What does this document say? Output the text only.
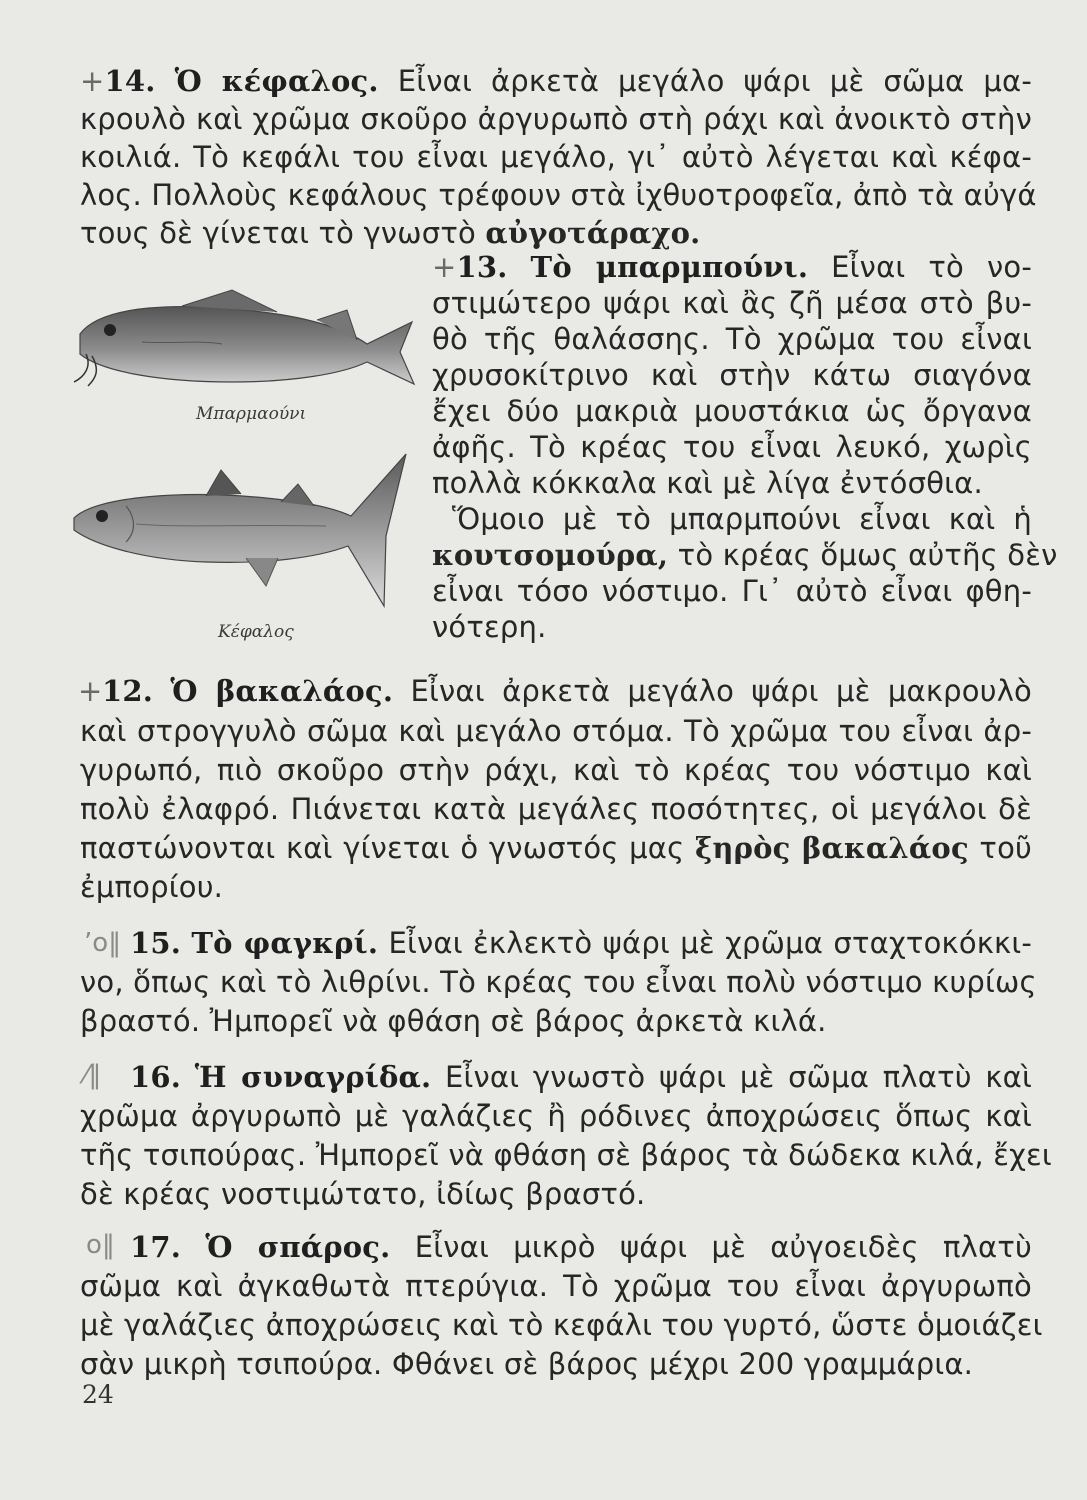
+14. Ὁ κέφαλος. Εἶναι ἀρκετὰ μεγάλο ψάρι μὲ σῶμα μα-

κρουλὸ καὶ χρῶμα σκοῦρο ἀργυρωπὸ στὴ ράχι καὶ ἀνοικτὸ στὴν

κοιλιά. Τὸ κεφάλι του εἶναι μεγάλο, γι᾿ αὐτὸ λέγεται καὶ κέφα-

λος. Πολλοὺς κεφάλους τρέφουν στὰ ἰχθυοτροφεῖα, ἀπὸ τὰ αὐγά

τους δὲ γίνεται τὸ γνωστὸ αὐγοτάραχο.

+13. Τὸ μπαρμπούνι. Εἶναι τὸ νο-

στιμώτερο ψάρι καὶ ἂς ζῆ μέσα στὸ βυ-

θὸ τῆς θαλάσσης. Τὸ χρῶμα του εἶναι

χρυσοκίτρινο καὶ στὴν κάτω σιαγόνα

ἔχει δύο μακριὰ μουστάκια ὡς ὄργανα

ἀφῆς. Τὸ κρέας του εἶναι λευκό, χωρὶς

πολλὰ κόκκαλα καὶ μὲ λίγα ἐντόσθια.

Ὅμοιο μὲ τὸ μπαρμπούνι εἶναι καὶ ἡ

κουτσομούρα, τὸ κρέας ὅμως αὐτῆς δὲν

εἶναι τόσο νόστιμο. Γι᾿ αὐτὸ εἶναι φθη-

νότερη.

Μπαρμαούνι
Κέφαλος

+ 12. Ὁ βακαλάος. Εἶναι ἀρκετὰ μεγάλο ψάρι μὲ μακρουλὸ

καὶ στρογγυλὸ σῶμα καὶ μεγάλο στόμα. Τὸ χρῶμα του εἶναι ἀρ-

γυρωπό, πιὸ σκοῦρο στὴν ράχι, καὶ τὸ κρέας του νόστιμο καὶ

πολὺ ἐλαφρό. Πιάνεται κατὰ μεγάλες ποσότητες, οἱ μεγάλοι δὲ

παστώνονται καὶ γίνεται ὁ γνωστός μας ξηρὸς βακαλάος τοῦ

ἐμπορίου.

’o‖ 15. Τὸ φαγκρί. Εἶναι ἐκλεκτὸ ψάρι μὲ χρῶμα σταχτοκόκκι-

νο, ὅπως καὶ τὸ λιθρίνι. Τὸ κρέας του εἶναι πολὺ νόστιμο κυρίως

βραστό. Ἠμπορεῖ νὰ φθάση σὲ βάρος ἀρκετὰ κιλά.

⁄‖ 16. Ἡ συναγρίδα. Εἶναι γνωστὸ ψάρι μὲ σῶμα πλατὺ καὶ

χρῶμα ἀργυρωπὸ μὲ γαλάζιες ἢ ρόδινες ἀποχρώσεις ὅπως καὶ

τῆς τσιπούρας. Ἠμπορεῖ νὰ φθάση σὲ βάρος τὰ δώδεκα κιλά, ἔχει

δὲ κρέας νοστιμώτατο, ἰδίως βραστό.

o‖ 17. Ὁ σπάρος. Εἶναι μικρὸ ψάρι μὲ αὐγοειδὲς πλατὺ

σῶμα καὶ ἀγκαθωτὰ πτερύγια. Τὸ χρῶμα του εἶναι ἀργυρωπὸ

μὲ γαλάζιες ἀποχρώσεις καὶ τὸ κεφάλι του γυρτό, ὥστε ὁμοιάζει

σὰν μικρὴ τσιπούρα. Φθάνει σὲ βάρος μέχρι 200 γραμμάρια.

24
